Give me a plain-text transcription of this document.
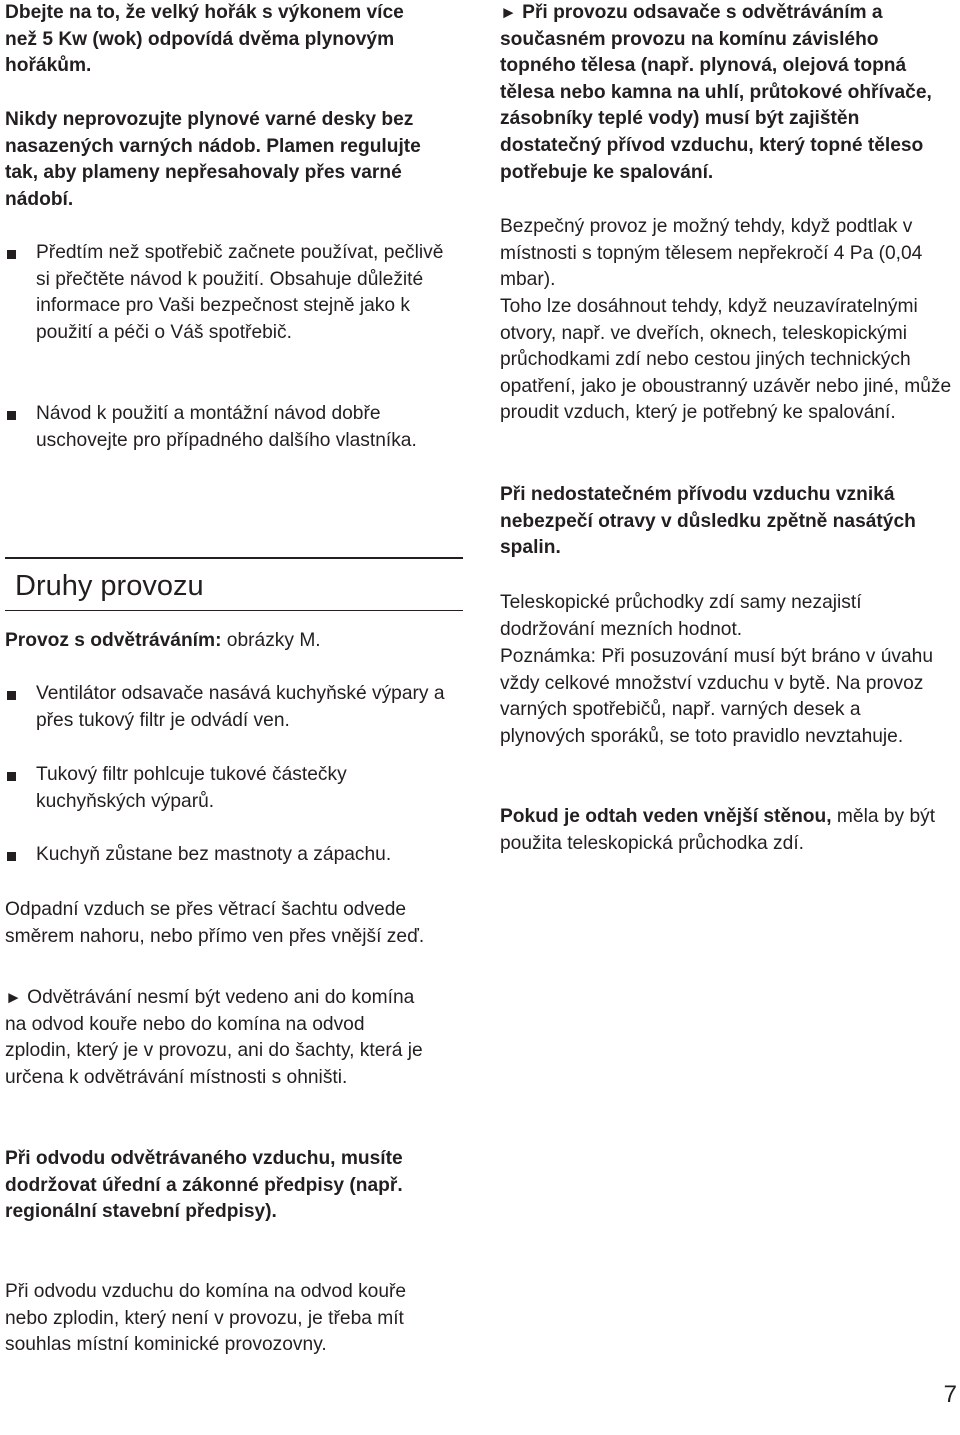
Dbejte na to, že velký hořák s výkonem více než 5 Kw (wok) odpovídá dvěma plynovým hořákům.

Nikdy neprovozujte plynové varné desky bez nasazených varných nádob. Plamen regulujte tak, aby plameny nepřesahovaly přes varné nádobí.

Předtím než spotřebič začnete používat, pečlivě si přečtěte návod k použití. Obsahuje důležité informace pro Vaši bezpečnost stejně jako k použití a péči o Váš spotřebič.
Návod k použití a montážní návod dobře uschovejte pro případného dalšího vlastníka.
Druhy provozu

Provoz s odvětráváním: obrázky M.

Ventilátor odsavače nasává kuchyňské výpary a přes tukový filtr je odvádí ven.
Tukový filtr pohlcuje tukové částečky kuchyňských výparů.
Kuchyň zůstane bez mastnoty a zápachu.

Odpadní vzduch se přes větrací šachtu odvede směrem nahoru, nebo přímo ven přes vnější zeď.

► Odvětrávání nesmí být vedeno ani do komína na odvod kouře nebo do komína na odvod zplodin, který je v provozu, ani do šachty, která je určena k odvětrávání místnosti s ohništi.

Při odvodu odvětrávaného vzduchu, musíte dodržovat úřední a zákonné předpisy (např. regionální stavební předpisy).

Při odvodu vzduchu do komína na odvod kouře nebo zplodin, který není v provozu, je třeba mít souhlas místní kominické provozovny.

► Při provozu odsavače s odvětráváním a současném provozu na komínu závislého topného tělesa (např. plynová, olejová topná tělesa nebo kamna na uhlí, průtokové ohřívače, zásobníky teplé vody) musí být zajištěn dostatečný přívod vzduchu, který topné těleso potřebuje ke spalování.

Bezpečný provoz je možný tehdy, když podtlak v místnosti s topným tělesem nepřekročí 4 Pa (0,04 mbar).

Toho lze dosáhnout tehdy, když neuzavíratelnými otvory, např. ve dveřích, oknech, teleskopickými průchodkami zdí nebo cestou jiných technických opatření, jako je oboustranný uzávěr nebo jiné, může proudit vzduch, který je potřebný ke spalování.

Při nedostatečném přívodu vzduchu vzniká nebezpečí otravy v důsledku zpětně nasátých spalin.

Teleskopické průchodky zdí samy nezajistí dodržování mezních hodnot.

Poznámka: Při posuzování musí být bráno v úvahu vždy celkové množství vzduchu v bytě. Na provoz varných spotřebičů, např. varných desek a plynových sporáků, se toto pravidlo nevztahuje.

Pokud je odtah veden vnější stěnou, měla by být použita teleskopická průchodka zdí.

7
